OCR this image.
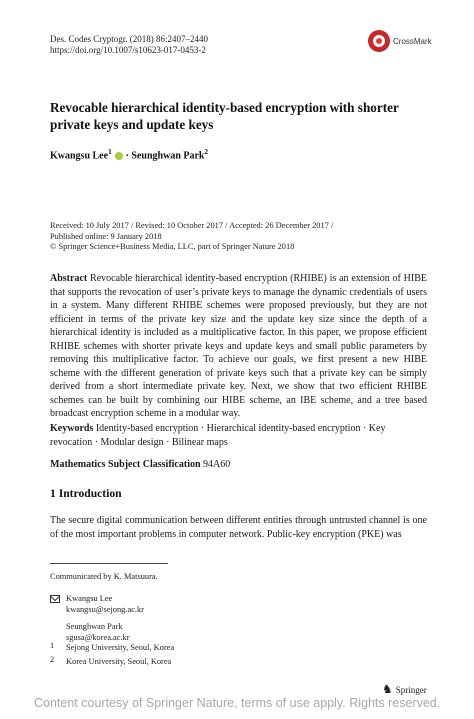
Des. Codes Cryptogr. (2018) 86:2407–2440
https://doi.org/10.1007/s10623-017-0453-2
CrossMark
Revocable hierarchical identity-based encryption with shorter private keys and update keys
Kwangsu Lee$^1$ · Seunghwan Park$^2$
Received: 10 July 2017 / Revised: 10 October 2017 / Accepted: 26 December 2017 /
Published online: 9 January 2018
© Springer Science+Business Media, LLC, part of Springer Nature 2018
Abstract Revocable hierarchical identity-based encryption (RHIBE) is an extension of HIBE that supports the revocation of user’s private keys to manage the dynamic credentials of users in a system. Many different RHIBE schemes were proposed previously, but they are not efficient in terms of the private key size and the update key size since the depth of a hierarchical identity is included as a multiplicative factor. In this paper, we propose efficient RHIBE schemes with shorter private keys and update keys and small public parameters by removing this multiplicative factor. To achieve our goals, we first present a new HIBE scheme with the different generation of private keys such that a private key can be simply derived from a short intermediate private key. Next, we show that two efficient RHIBE schemes can be built by combining our HIBE scheme, an IBE scheme, and a tree based broadcast encryption scheme in a modular way.
Keywords Identity-based encryption · Hierarchical identity-based encryption · Key revocation · Modular design · Bilinear maps
Mathematics Subject Classification 94A60
1 Introduction
The secure digital communication between different entities through untrusted channel is one of the most important problems in computer network. Public-key encryption (PKE) was
Communicated by K. Matsuura.
Kwangsu Lee
kwangsu@sejong.ac.kr
Seunghwan Park
sgusa@korea.ac.kr
1 Sejong University, Seoul, Korea
2 Korea University, Seoul, Korea
♞ Springer
Content courtesy of Springer Nature, terms of use apply. Rights reserved.
